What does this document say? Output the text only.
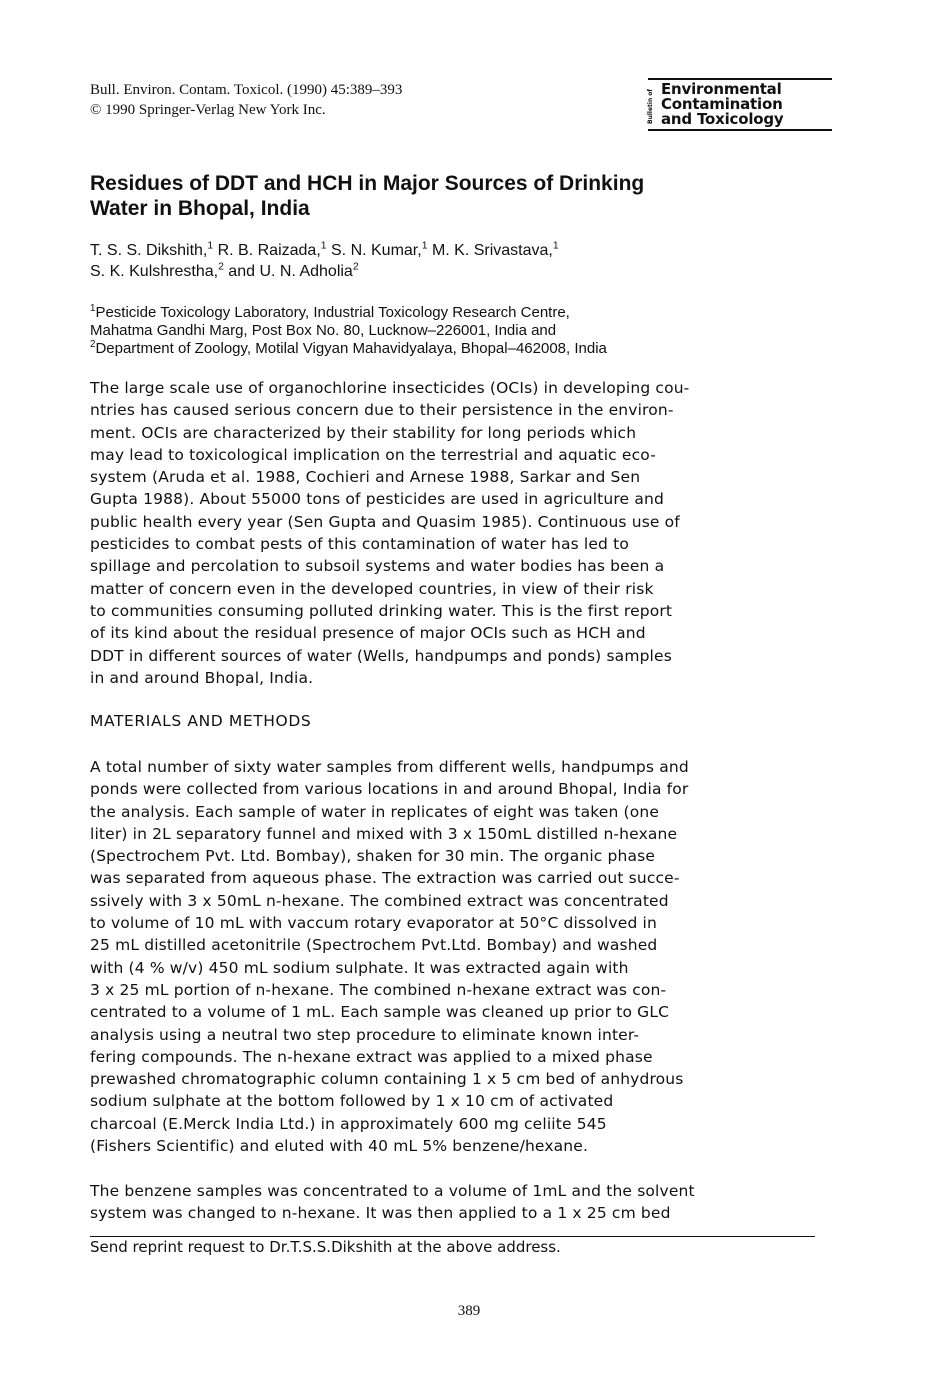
Bull. Environ. Contam. Toxicol. (1990) 45:389–393
© 1990 Springer-Verlag New York Inc.	Bulletin of Environmental
Contamination
and Toxicology
Residues of DDT and HCH in Major Sources of Drinking
Water in Bhopal, India
T. S. S. Dikshith,$^1$ R. B. Raizada,$^1$ S. N. Kumar,$^1$ M. K. Srivastava,$^1$
S. K. Kulshrestha,$^2$ and U. N. Adholia$^2$
$^1$Pesticide Toxicology Laboratory, Industrial Toxicology Research Centre,
Mahatma Gandhi Marg, Post Box No. 80, Lucknow–226001, India and
$^2$Department of Zoology, Motilal Vigyan Mahavidyalaya, Bhopal–462008, India
The large scale use of organochlorine insecticides (OCIs) in developing cou-
ntries has caused serious concern due to their persistence in the environ-
ment. OCIs are characterized by their stability for long periods which
may lead to toxicological implication on the terrestrial and aquatic eco-
system (Aruda et al. 1988, Cochieri and Arnese 1988, Sarkar and Sen
Gupta 1988). About 55000 tons of pesticides are used in agriculture and
public health every year (Sen Gupta and Quasim 1985). Continuous use of
pesticides to combat pests of this contamination of water has led to
spillage and percolation to subsoil systems and water bodies has been a
matter of concern even in the developed countries, in view of their risk
to communities consuming polluted drinking water. This is the first report
of its kind about the residual presence of major OCIs such as HCH and
DDT in different sources of water (Wells, handpumps and ponds) samples
in and around Bhopal, India.
MATERIALS AND METHODS
A total number of sixty water samples from different wells, handpumps and
ponds were collected from various locations in and around Bhopal, India for
the analysis. Each sample of water in replicates of eight was taken (one
liter) in 2L separatory funnel and mixed with 3 x 150mL distilled n-hexane
(Spectrochem Pvt. Ltd. Bombay), shaken for 30 min. The organic phase
was separated from aqueous phase. The extraction was carried out succe-
ssively with 3 x 50mL n-hexane. The combined extract was concentrated
to volume of 10 mL with vaccum rotary evaporator at 50°C dissolved in
25 mL distilled acetonitrile (Spectrochem Pvt.Ltd. Bombay) and washed
with (4 % w/v) 450 mL sodium sulphate. It was extracted again with
3 x 25 mL portion of n-hexane. The combined n-hexane extract was con-
centrated to a volume of 1 mL. Each sample was cleaned up prior to GLC
analysis using a neutral two step procedure to eliminate known inter-
fering compounds. The n-hexane extract was applied to a mixed phase
prewashed chromatographic column containing 1 x 5 cm bed of anhydrous
sodium sulphate at the bottom followed by 1 x 10 cm of activated
charcoal (E.Merck India Ltd.) in approximately 600 mg celiite 545
(Fishers Scientific) and eluted with 40 mL 5% benzene/hexane.
The benzene samples was concentrated to a volume of 1mL and the solvent
system was changed to n-hexane. It was then applied to a 1 x 25 cm bed
Send reprint request to Dr.T.S.S.Dikshith at the above address.
389
